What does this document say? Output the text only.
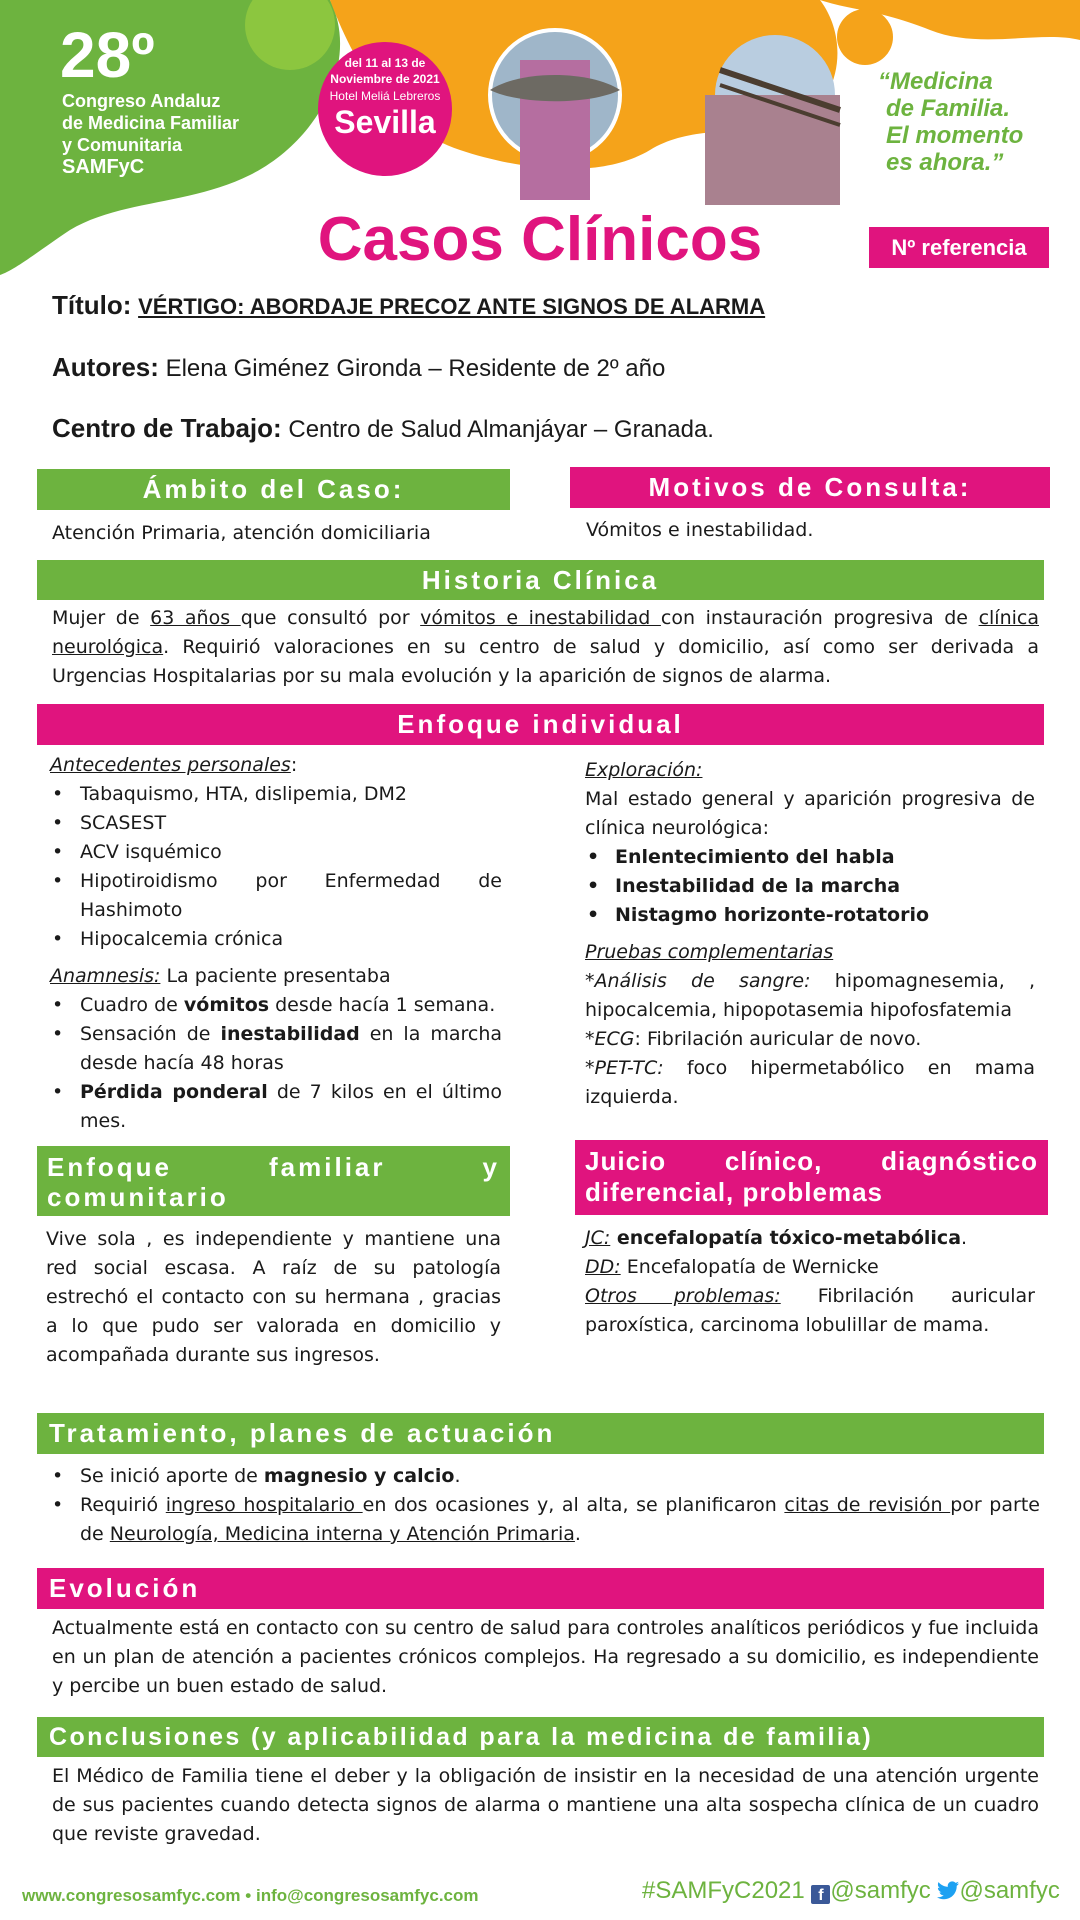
28º
Congreso Andaluz
de Medicina Familiar
y Comunitaria
SAMFyC
del 11 al 13 de
Noviembre de 2021
Hotel Meliá Lebreros
Sevilla
“Medicina
de Familia.
El momento
es ahora.”
Casos Clínicos	Nº referencia
Título: VÉRTIGO: ABORDAJE PRECOZ ANTE SIGNOS DE ALARMA
Autores: Elena Giménez Gironda – Residente de 2º año
Centro de Trabajo: Centro de Salud Almanjáyar – Granada.
Ámbito del Caso:
Atención Primaria, atención domiciliaria
Motivos de Consulta:
Vómitos e inestabilidad.
Historia Clínica
Mujer de 63 años que consultó por vómitos e inestabilidad con instauración progresiva de clínica neurológica. Requirió valoraciones en su centro de salud y domicilio, así como ser derivada a Urgencias Hospitalarias por su mala evolución y la aparición de signos de alarma.
Enfoque individual
Antecedentes personales:
• Tabaquismo, HTA, dislipemia, DM2
• SCASEST
• ACV isquémico
• Hipotiroidismo por Enfermedad de Hashimoto
• Hipocalcemia crónica
Anamnesis: La paciente presentaba
• Cuadro de vómitos desde hacía 1 semana.
• Sensación de inestabilidad en la marcha desde hacía 48 horas
• Pérdida ponderal de 7 kilos en el último mes.
Exploración:
Mal estado general y aparición progresiva de clínica neurológica:
• Enlentecimiento del habla
• Inestabilidad de la marcha
• Nistagmo horizonte-rotatorio
Pruebas complementarias
*Análisis de sangre: hipomagnesemia, , hipocalcemia, hipopotasemia hipofosfatemia
*ECG: Fibrilación auricular de novo.
*PET-TC: foco hipermetabólico en mama izquierda.
Enfoque familiar y comunitario
Vive sola , es independiente y mantiene una red social escasa. A raíz de su patología estrechó el contacto con su hermana , gracias a lo que pudo ser valorada en domicilio y acompañada durante sus ingresos.
Juicio clínico, diagnóstico diferencial, problemas
JC: encefalopatía tóxico-metabólica.
DD: Encefalopatía de Wernicke
Otros problemas: Fibrilación auricular paroxística, carcinoma lobulillar de mama.
Tratamiento, planes de actuación
• Se inició aporte de magnesio y calcio.
• Requirió ingreso hospitalario en dos ocasiones y, al alta, se planificaron citas de revisión por parte de Neurología, Medicina interna y Atención Primaria.
Evolución
Actualmente está en contacto con su centro de salud para controles analíticos periódicos y fue incluida en un plan de atención a pacientes crónicos complejos. Ha regresado a su domicilio, es independiente y percibe un buen estado de salud.
Conclusiones (y aplicabilidad para la medicina de familia)
El Médico de Familia tiene el deber y la obligación de insistir en la necesidad de una atención urgente de sus pacientes cuando detecta signos de alarma o mantiene una alta sospecha clínica de un cuadro que reviste gravedad.
www.congresosamfyc.com • info@congresosamfyc.com	#SAMFyC2021 f @samfyc @samfyc
